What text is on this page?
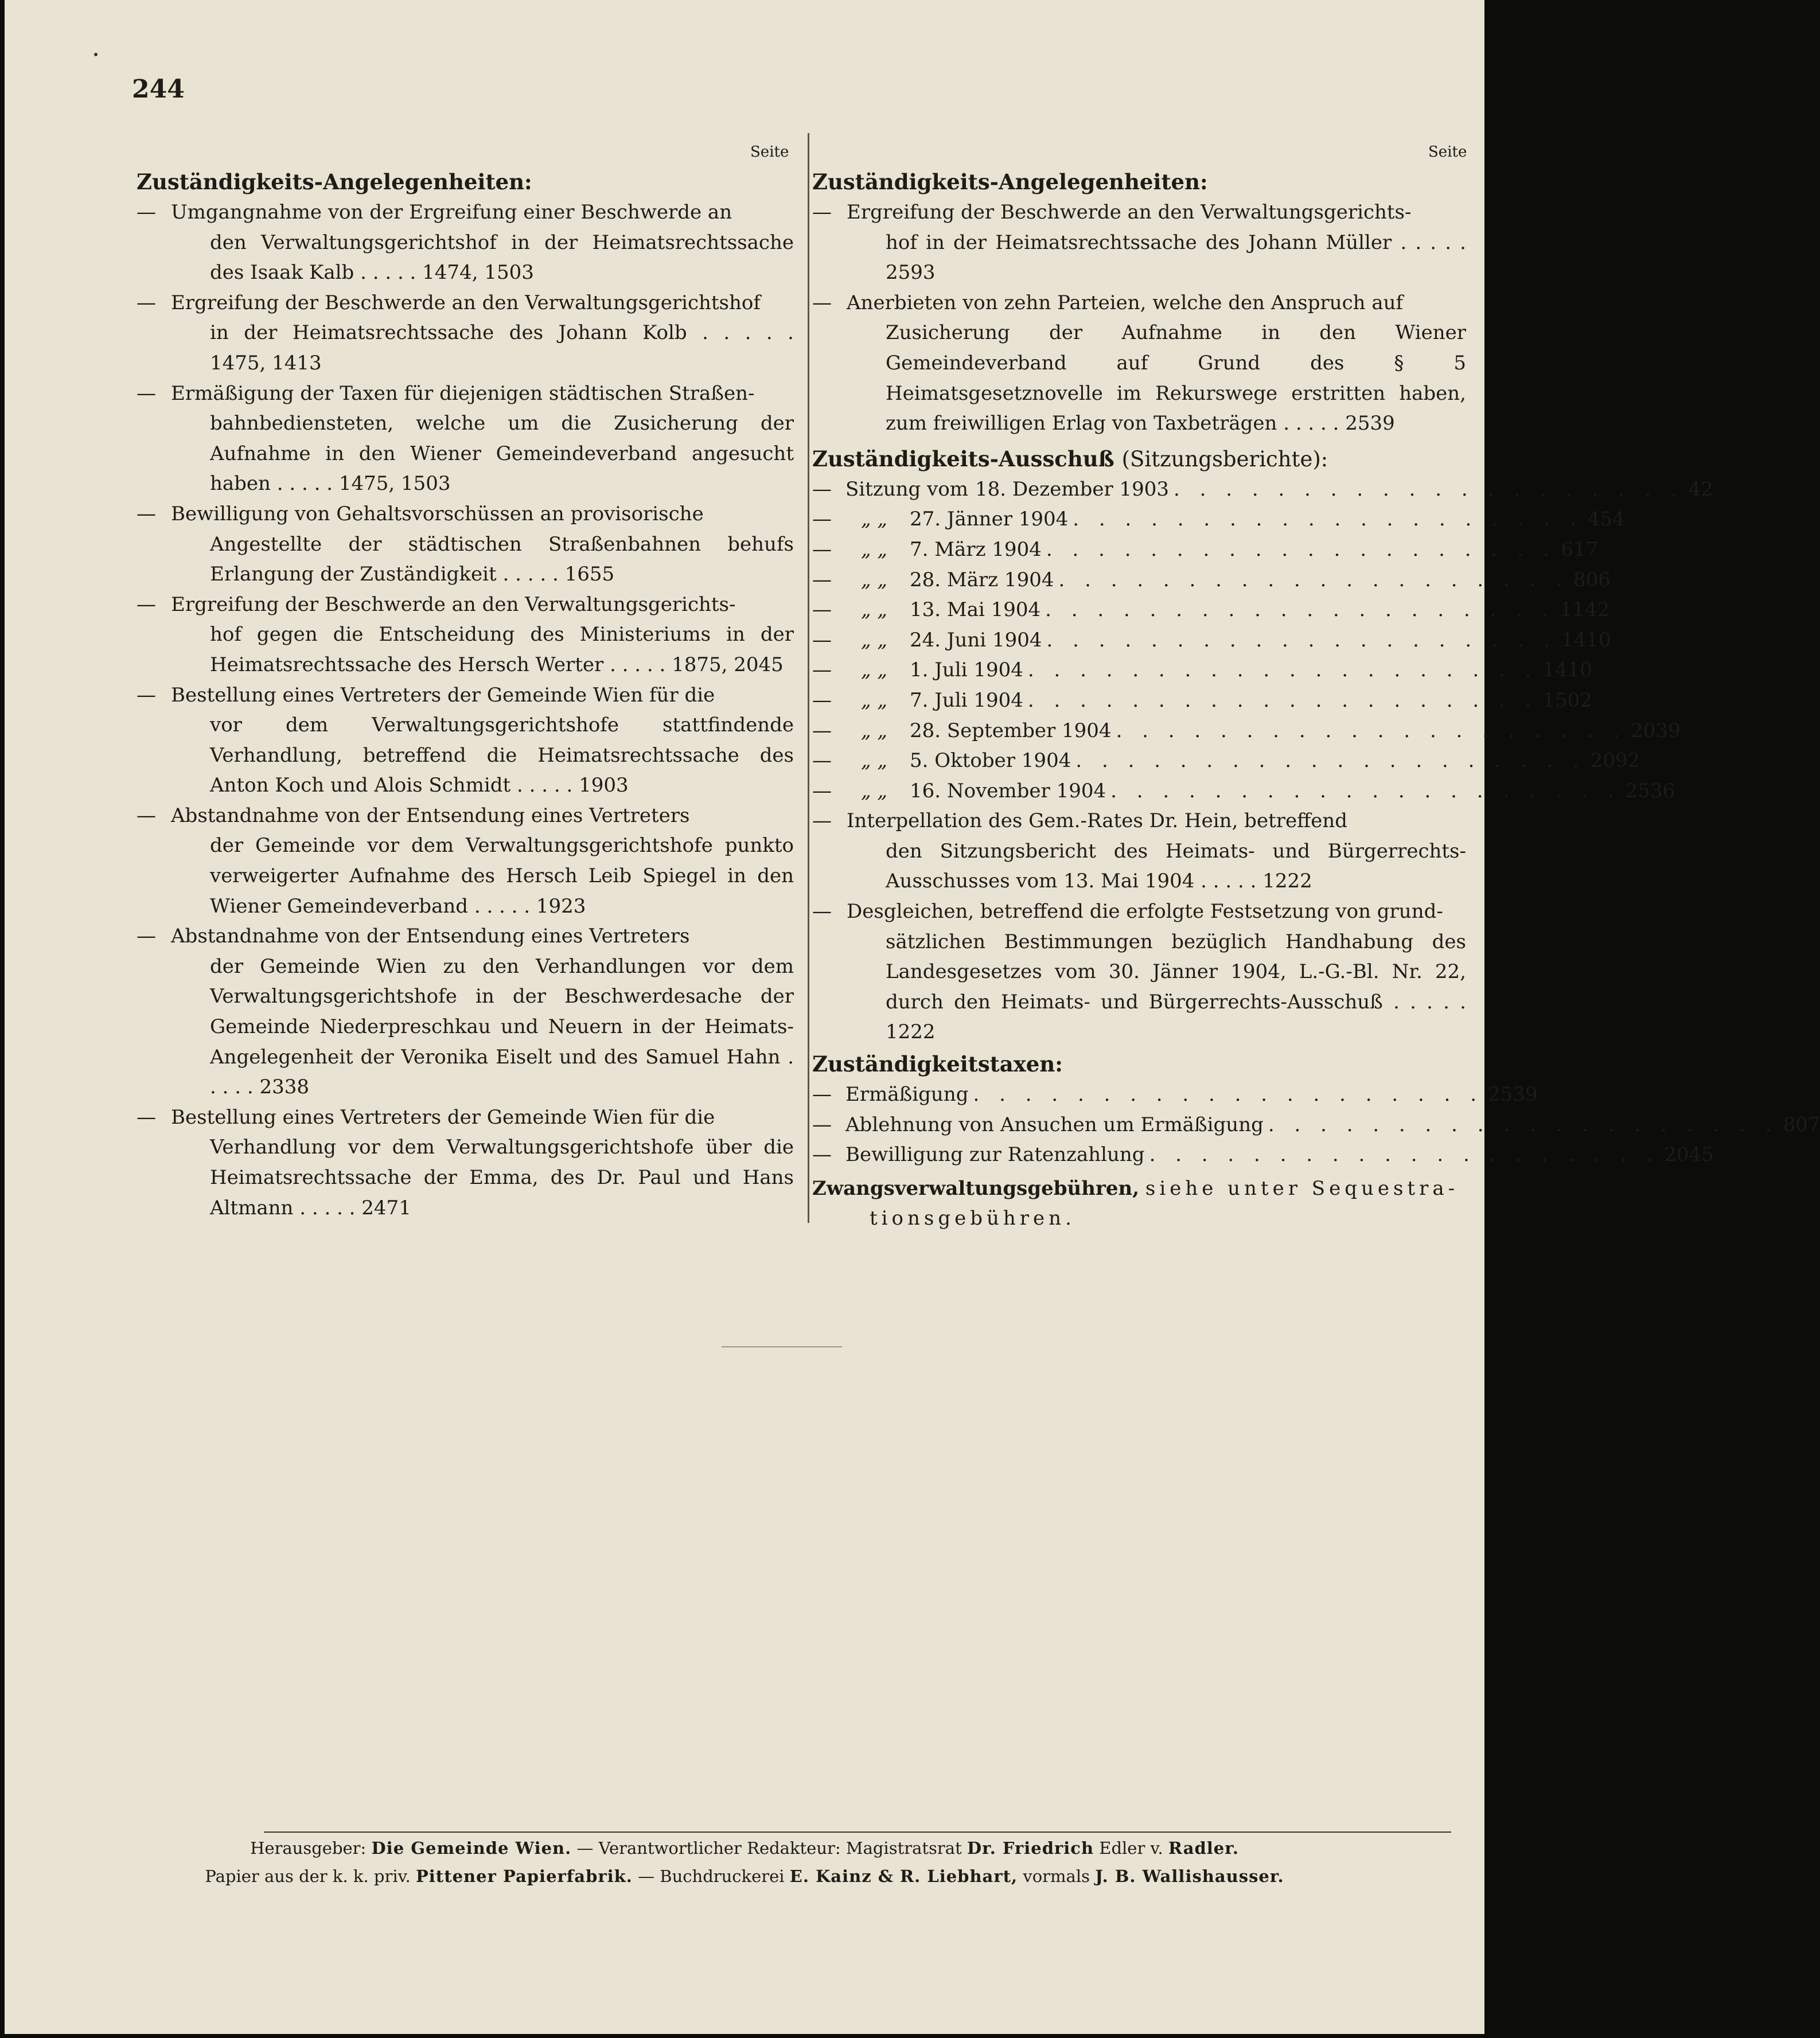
244
Seite	Seite
Zuständigkeits-Angelegenheiten:
— Umgangnahme von der Ergreifung einer Beschwerde an
den Verwaltungsgerichtshof in der Heimatsrechtssache des Isaak Kalb . . . . . 1474, 1503
— Ergreifung der Beschwerde an den Verwaltungsgerichtshof
in der Heimatsrechtssache des Johann Kolb . . . . . 1475, 1413
— Ermäßigung der Taxen für diejenigen städtischen Straßen-
bahnbediensteten, welche um die Zusicherung der Aufnahme in den Wiener Gemeindeverband angesucht haben . . . . . 1475, 1503
— Bewilligung von Gehaltsvorschüssen an provisorische
Angestellte der städtischen Straßenbahnen behufs Erlangung der Zuständigkeit . . . . . 1655
— Ergreifung der Beschwerde an den Verwaltungsgerichts-
hof gegen die Entscheidung des Ministeriums in der Heimatsrechtssache des Hersch Werter . . . . . 1875, 2045
— Bestellung eines Vertreters der Gemeinde Wien für die
vor dem Verwaltungsgerichtshofe stattfindende Verhandlung, betreffend die Heimatsrechtssache des Anton Koch und Alois Schmidt . . . . . 1903
— Abstandnahme von der Entsendung eines Vertreters
der Gemeinde vor dem Verwaltungsgerichtshofe punkto verweigerter Aufnahme des Hersch Leib Spiegel in den Wiener Gemeindeverband . . . . . 1923
— Abstandnahme von der Entsendung eines Vertreters
der Gemeinde Wien zu den Verhandlungen vor dem Verwaltungsgerichtshofe in der Beschwerdesache der Gemeinde Niederpreschkau und Neuern in der Heimats-Angelegenheit der Veronika Eiselt und des Samuel Hahn . . . . . 2338
— Bestellung eines Vertreters der Gemeinde Wien für die
Verhandlung vor dem Verwaltungsgerichtshofe über die Heimatsrechtssache der Emma, des Dr. Paul und Hans Altmann . . . . . 2471
Zuständigkeits-Angelegenheiten:
— Ergreifung der Beschwerde an den Verwaltungsgerichts-
hof in der Heimatsrechtssache des Johann Müller . . . . . 2593
— Anerbieten von zehn Parteien, welche den Anspruch auf
Zusicherung der Aufnahme in den Wiener Gemeindeverband auf Grund des § 5 Heimatsgesetznovelle im Rekurswege erstritten haben, zum freiwilligen Erlag von Taxbeträgen . . . . . 2539
Zuständigkeits-Ausschuß (Sitzungsberichte):
— Sitzung vom 18. Dezember 1903 . . . . . . . . . . . . . . . . . . . . 42
—	„ „	27. Jänner 1904 . . . . . . . . . . . . . . . . . . . . 454
—	„ „	7. März 1904 . . . . . . . . . . . . . . . . . . . . 617
—	„ „	28. März 1904 . . . . . . . . . . . . . . . . . . . . 806
—	„ „	13. Mai 1904 . . . . . . . . . . . . . . . . . . . . 1142
—	„ „	24. Juni 1904 . . . . . . . . . . . . . . . . . . . . 1410
—	„ „	1. Juli 1904 . . . . . . . . . . . . . . . . . . . . 1410
—	„ „	7. Juli 1904 . . . . . . . . . . . . . . . . . . . . 1502
—	„ „	28. September 1904 . . . . . . . . . . . . . . . . . . . . 2039
—	„ „	5. Oktober 1904 . . . . . . . . . . . . . . . . . . . . 2092
—	„ „	16. November 1904 . . . . . . . . . . . . . . . . . . . . 2536
— Interpellation des Gem.-Rates Dr. Hein, betreffend
den Sitzungsbericht des Heimats- und Bürgerrechts-Ausschusses vom 13. Mai 1904 . . . . . 1222
— Desgleichen, betreffend die erfolgte Festsetzung von grund-
sätzlichen Bestimmungen bezüglich Handhabung des Landesgesetzes vom 30. Jänner 1904, L.-G.-Bl. Nr. 22, durch den Heimats- und Bürgerrechts-Ausschuß . . . . . 1222
Zuständigkeitstaxen:
— Ermäßigung . . . . . . . . . . . . . . . . . . . . 2539
— Ablehnung von Ansuchen um Ermäßigung . . . . . . . . . . . . . . . . . . . . 807
— Bewilligung zur Ratenzahlung . . . . . . . . . . . . . . . . . . . . 2045
Zwangsverwaltungsgebühren, siehe unter Sequestra-
tionsgebühren.
Herausgeber: Die Gemeinde Wien. — Verantwortlicher Redakteur: Magistratsrat Dr. Friedrich Edler v. Radler.
Papier aus der k. k. priv. Pittener Papierfabrik. — Buchdruckerei E. Kainz & R. Liebhart, vormals J. B. Wallishausser.
